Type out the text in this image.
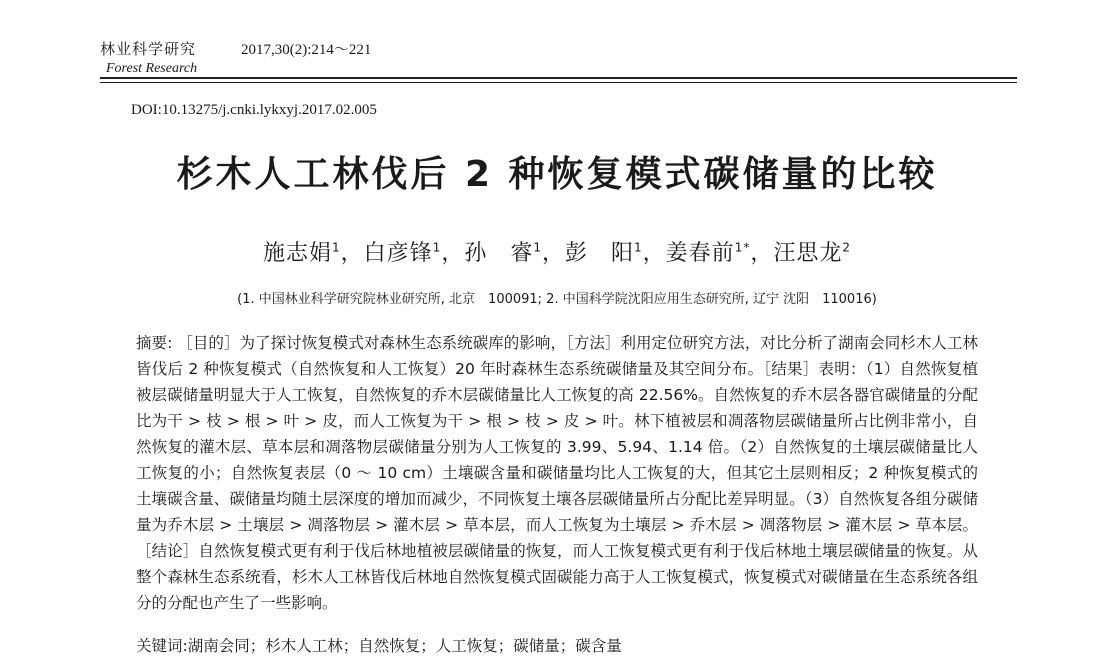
林业科学研究	2017,30(2):214～221
Forest Research
DOI:10.13275/j.cnki.lykxyj.2017.02.005
杉木人工林伐后 2 种恢复模式碳储量的比较
施志娟$^1$，白彦锋$^1$，孙　睿$^1$，彭　阳$^1$，姜春前$^{1*}$，汪思龙$^2$
(1. 中国林业科学研究院林业研究所, 北京　100091; 2. 中国科学院沈阳应用生态研究所, 辽宁 沈阳　110016)
摘要: ［目的］为了探讨恢复模式对森林生态系统碳库的影响，［方法］利用定位研究方法，对比分析了湖南会同杉木人工林皆伐后 2 种恢复模式（自然恢复和人工恢复）20 年时森林生态系统碳储量及其空间分布。［结果］表明：（1）自然恢复植被层碳储量明显大于人工恢复，自然恢复的乔木层碳储量比人工恢复的高 22.56%。自然恢复的乔木层各器官碳储量的分配比为干 > 枝 > 根 > 叶 > 皮，而人工恢复为干 > 根 > 枝 > 皮 > 叶。林下植被层和凋落物层碳储量所占比例非常小，自然恢复的灌木层、草本层和凋落物层碳储量分别为人工恢复的 3.99、5.94、1.14 倍。（2）自然恢复的土壤层碳储量比人工恢复的小；自然恢复表层（0 ～ 10 cm）土壤碳含量和碳储量均比人工恢复的大，但其它土层则相反；2 种恢复模式的土壤碳含量、碳储量均随土层深度的增加而减少，不同恢复土壤各层碳储量所占分配比差异明显。（3）自然恢复各组分碳储量为乔木层 > 土壤层 > 凋落物层 > 灌木层 > 草本层，而人工恢复为土壤层 > 乔木层 > 凋落物层 > 灌木层 > 草本层。［结论］自然恢复模式更有利于伐后林地植被层碳储量的恢复，而人工恢复模式更有利于伐后林地土壤层碳储量的恢复。从整个森林生态系统看，杉木人工林皆伐后林地自然恢复模式固碳能力高于人工恢复模式，恢复模式对碳储量在生态系统各组分的分配也产生了一些影响。
关键词:湖南会同；杉木人工林；自然恢复；人工恢复；碳储量；碳含量
